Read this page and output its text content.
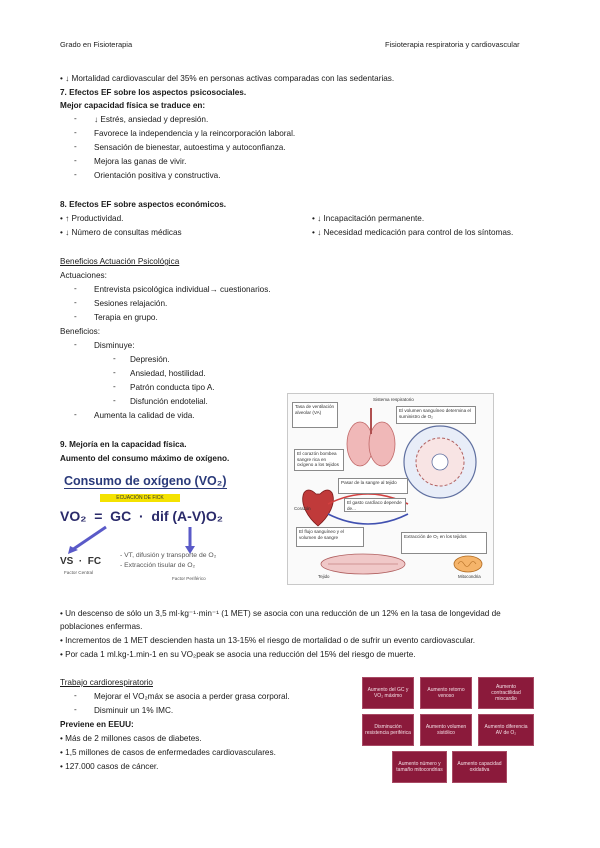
Grado en Fisioterapia	Fisioterapia respiratoria y cardiovascular
• ↓ Mortalidad cardiovascular del 35% en personas activas comparadas con las sedentarias.
7. Efectos EF sobre los aspectos psicosociales.
Mejor capacidad física se traduce en:
- ↓ Estrés, ansiedad y depresión.
- Favorece la independencia y la reincorporación laboral.
- Sensación de bienestar, autoestima y autoconfianza.
- Mejora las ganas de vivir.
- Orientación positiva y constructiva.
8. Efectos EF sobre aspectos económicos.
• ↑ Productividad.
• ↓ Número de consultas médicas
• ↓ Incapacitación permanente.
• ↓ Necesidad medicación para control de los síntomas.
Beneficios Actuación Psicológica
Actuaciones:
- Entrevista psicológica individual→ cuestionarios.
- Sesiones relajación.
- Terapia en grupo.
Beneficios:
- Disminuye:
- Depresión.
- Ansiedad, hostilidad.
- Patrón conducta tipo A.
- Disfunción endotelial.
- Aumenta la calidad de vida.
9. Mejoría en la capacidad física.
Aumento del consumo máximo de oxígeno.
Consumo de oxígeno (VO₂)
ECUACIÓN DE FICK
VO₂  =  GC  ·  dif (A-V)O₂
VS  ·  FC
Factor Central
- VT, difusión y transporte de O₂
- Extracción tisular de O₂
Factor Periférico
Sistema respiratorio
Tasa de ventilación alveolar (VA)	El volumen sanguíneo determina el suministro de O₂
El corazón bombea sangre rica en oxígeno a los tejidos
Pasar de la sangre al tejido
El gasto cardíaco depende de...
El flujo sanguíneo y el volumen de sangre	Extracción de O₂ en los tejidos
Corazón
Tejido	Mitocondria
• Un descenso de sólo un 3,5 ml·kg⁻¹·min⁻¹ (1 MET) se asocia con una reducción de un 12% en la tasa de longevidad de
poblaciones enfermas.
• Incrementos de 1 MET descienden hasta un 13-15% el riesgo de mortalidad o de sufrir un evento cardiovascular.
• Por cada 1 ml.kg-1.min-1 en su VO₂peak se asocia una reducción del 15% del riesgo de muerte.
Trabajo cardiorespiratorio
- Mejorar el VO₂máx se asocia a perder grasa corporal.
- Disminuir un 1% IMC.
Previene en EEUU:
• Más de 2 millones casos de diabetes.
• 1,5 millones de casos de enfermedades cardiovasculares.
• 127.000 casos de cáncer.
Aumento del GC y VO₂ máximo
Aumento retorno venoso
Aumento contractilidad miocardio
Disminución resistencia periférica
Aumento volumen sistólico
Aumento diferencia AV de O₂
Aumento número y tamaño mitocondrias
Aumento capacidad oxidativa
